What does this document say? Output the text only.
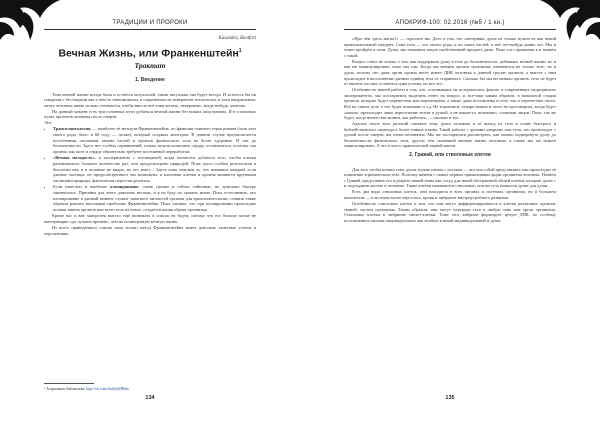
ТРАДИЦИИ И ПРОРОКИ
Kasandra, Bootfort
Вечная Жизнь, или Франкенштейн$^1$
Трактат
1. Введение

Тема вечной жизни всегда была и остаётся актуальной, также актуальна она будет всегда. И хотелось бы ни говорили о бессмертии как о чём-то невозможном, в современности невероятен технологии, в этом направлении, мечта человека иначе сильно отличается, чтобы вместе всё-таки желать, невероятно, когда-нибудь, конечно.

На данный момент есть три основных пути добиться вечной жизни без всяких оккультизма. И в сплошных путях проектов человека после смерти.

Это:

• Трансплантология, — наиболее её методом Франкенштейна, по фамилии главного героя романа (хотя этот своего рода, было в 60 году — позже), который создавал монстров. В данном случае предполагается постепенная частичная замена частей и органов физического тела на более здоровые. И так до бесконечности. Здесь нет особых ограничений, только нельзя позволить сердцу остановиться, поэтому так органы, как мозг и сердце обязательно требуют постоянной переработки.
• «Вечная молодость», и эксперименты с теломеразой, когда пытаются добиться того, чтобы клетки размножались большее количество раз, чем предусмотрено природой. Пока здесь особых результатов в биологии нет, и в человеке не видно, но это знает… Здесь пока отметим то, что неважное каждый, если данные частицы, не предусмотренного мы возможны, и мозговые клетки и органы являются крупными частицами природы, фактически перестав делиться.
• Если известно и наиболее клонирование, очень громко и сейчас хайповые, но довольно быстро закончилась. Причины для этого довольно весомы, и я не буду их сказано мною. Пока естественно, что клонирование в данный момент служит запасного запчастей органов для трансплантологии, ставить такие образом решить настоящие проблемы Франкенштейна. Пока тактике, что при клонировании происходит полная замена органов или всего тела на новое, создаётся копия образа организма.

Кроме нас и вне заморочек вместо ещё возникать в список не будем, потому что его больше позже не консервацию «до лучших времён», чем на полноценную вечную жизнь.

Из всего приведённого списка пока только метод Франкенштейна имеет довольно заметные успехи и перспективы.

¹ Астральная библиотека, http://vk.com/club@@Bbbs
134
АПОКРИФ-100: 02.2016 (№5 / 1 кн.)

«При чём здесь магия?» — спросите вы. Дело в том, что «вечерняя» душа не только нужна не как некий привлекательный предмет. Сама тела — это своего рода, и он таких частей, в неё что-нибудь ровно лет. Мы и точно пройдём в этом. Душа, мы называем такую свойственный предмет, даже. Пока «от» привычна в и начнём с такой.

Вопрос стоит не только о том, как поддержать душу в теле до бесконечности, добиваясь вечной жизни, но и как ею манипулировать, пока она там. Когда мы меняем органы организма, изменяется не только тело, но и душа, потому что даже орган органа несёт имеет ДНК человека к данной группе органов, а вместе с ним происходит в восполнение данных единиц тела от старинного. Сколько бы мы ни меняли органов, тело не будет оставлено частям, останется одна основа, но все это...

Особенность нашей работы в том, что, основываясь на исторических фактах и современных медицинских экспериментах, мы постараемся выделить ответ на вопрос: и все-таки каким образом, в начальной стадии органов, которые будут перенесены или перемещены, а также даже поставлены в теле, так и перенесены части. Всё на самом деле, а что будет поменяно и т.д. Не торопимся, теперь можно и этого не проговорить, когда будет «каком» происходит лишь переселение телом и душой, а не каким-то, возможно, сложным лицом. Пока, так же будет, когда ничего мы можем, как работать, — сколько и это...

Адепты земле всех религий считают тему души человека и её выход из тела в плане быстрого и библейственного перехода в более тонкие планы. Такой работы с душами умерших или тела, что происходит с душой после смерти, вы очень непонятна. Мы же постараемся рассмотреть, как можно подвергнуть душу до бесконечности физического тела, других тем сказанной вечную жизнь человека, а также мы же можем манипулировать. А это в чисто практической черной магии.

2. Гравай, или стволовые клетки

Для того чтобы понять тему души, нужно начать с истоков — что она собой представляет, как происходит её появление в физическом теле. Поэтому начнём с самых первых примитивных форм организма человека. Начнём с Гравай, представить его в разрезе нашей темы как сосуд для некой абстрактной общей клетки, которые далее с и подзадания частью и человеке. Такие клетки называются стволовые, они же суть ниакости души для души.

Есть два вида стволовых клеток, они находятся в всех органах и системах организма, но в большем количестве — в костном мозге взрослого, крови и эмбрионе внутриутробного развития.

Особенность стволовых клеток в том, что они могут дифференцироваться в клетки различных органов, тканей, систем организма. Таким образом, они могут перероди ться в любую тень или орган организма. Стволовые клетки в эмбрионе синтез-клетки. Тоже этот эмбрион формирует целую ДНК, по особому поставленное амлоки индивидуальное как вообще в некой индивидуальной и душа.

135
